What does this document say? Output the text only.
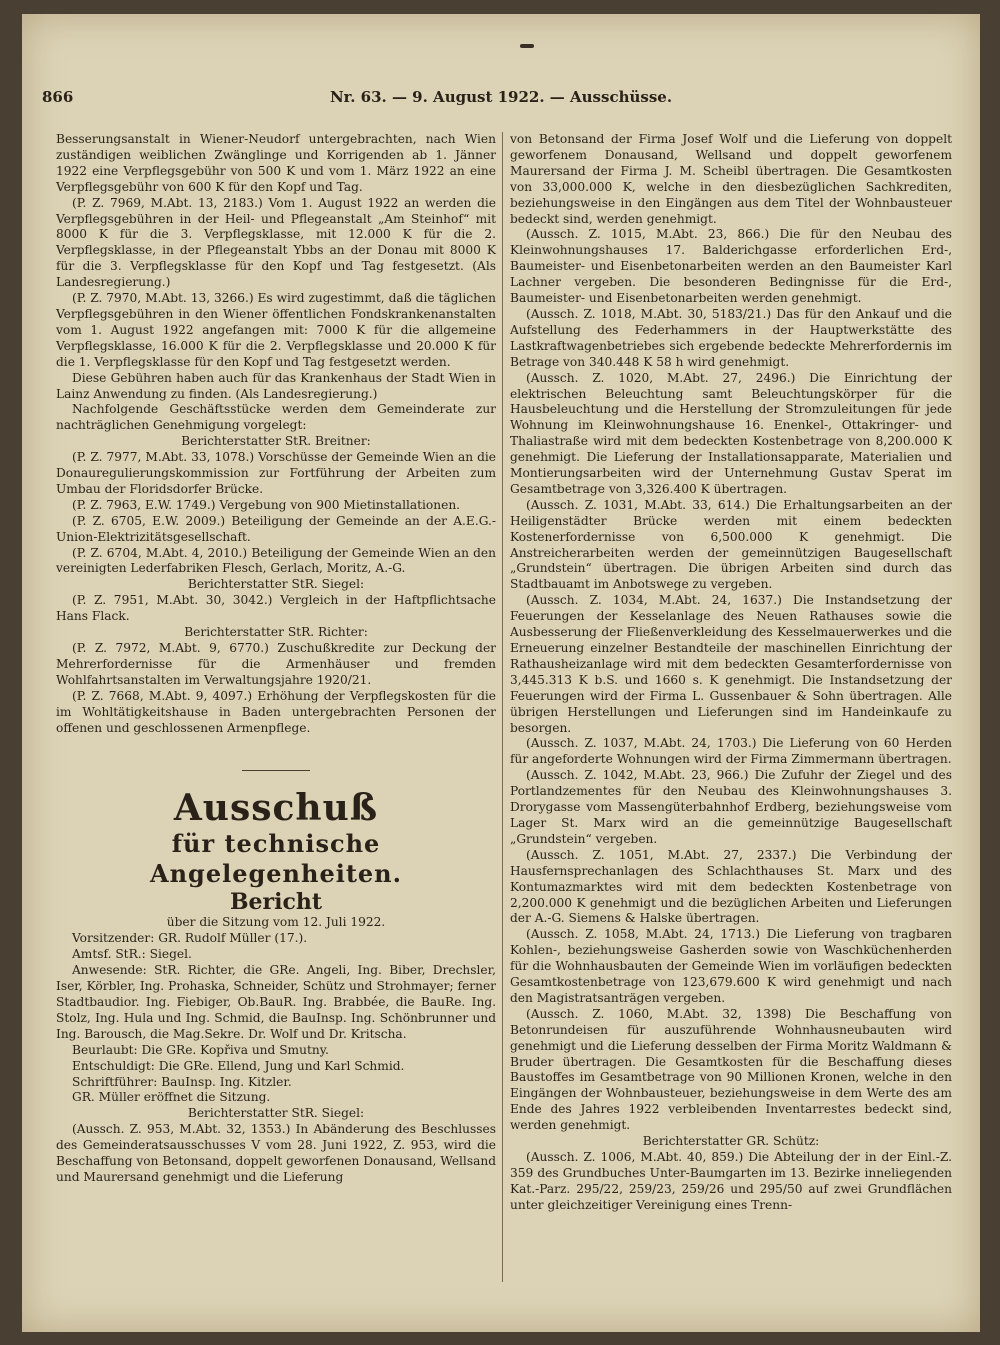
866	Nr. 63. — 9. August 1922. — Ausschüsse.

Besserungsanstalt in Wiener-Neudorf untergebrachten, nach Wien zuständigen weiblichen Zwänglinge und Korrigenden ab 1. Jänner 1922 eine Verpflegsgebühr von 500 K und vom 1. März 1922 an eine Verpflegsgebühr von 600 K für den Kopf und Tag.

(P. Z. 7969, M.Abt. 13, 2183.) Vom 1. August 1922 an werden die Verpflegsgebühren in der Heil- und Pflegeanstalt „Am Steinhof“ mit 8000 K für die 3. Verpflegsklasse, mit 12.000 K für die 2. Verpflegsklasse, in der Pflegeanstalt Ybbs an der Donau mit 8000 K für die 3. Verpflegsklasse für den Kopf und Tag festgesetzt. (Als Landesregierung.)

(P. Z. 7970, M.Abt. 13, 3266.) Es wird zugestimmt, daß die täglichen Verpflegsgebühren in den Wiener öffentlichen Fondskrankenanstalten vom 1. August 1922 angefangen mit: 7000 K für die allgemeine Verpflegsklasse, 16.000 K für die 2. Verpflegsklasse und 20.000 K für die 1. Verpflegsklasse für den Kopf und Tag festgesetzt werden.

Diese Gebühren haben auch für das Krankenhaus der Stadt Wien in Lainz Anwendung zu finden. (Als Landesregierung.)

Nachfolgende Geschäftsstücke werden dem Gemeinderate zur nachträglichen Genehmigung vorgelegt:

Berichterstatter StR. Breitner:

(P. Z. 7977, M.Abt. 33, 1078.) Vorschüsse der Gemeinde Wien an die Donauregulierungskommission zur Fortführung der Arbeiten zum Umbau der Floridsdorfer Brücke.

(P. Z. 7963, E.W. 1749.) Vergebung von 900 Mietinstallationen.

(P. Z. 6705, E.W. 2009.) Beteiligung der Gemeinde an der A.E.G.-Union-Elektrizitätsgesellschaft.

(P. Z. 6704, M.Abt. 4, 2010.) Beteiligung der Gemeinde Wien an den vereinigten Lederfabriken Flesch, Gerlach, Moritz, A.-G.

Berichterstatter StR. Siegel:

(P. Z. 7951, M.Abt. 30, 3042.) Vergleich in der Haftpflichtsache Hans Flack.

Berichterstatter StR. Richter:

(P. Z. 7972, M.Abt. 9, 6770.) Zuschußkredite zur Deckung der Mehrerfordernisse für die Armenhäuser und fremden Wohlfahrtsanstalten im Verwaltungsjahre 1920/21.

(P. Z. 7668, M.Abt. 9, 4097.) Erhöhung der Verpflegskosten für die im Wohltätigkeitshause in Baden untergebrachten Personen der offenen und geschlossenen Armenpflege.

Ausschuß
für technische Angelegenheiten.
Bericht

über die Sitzung vom 12. Juli 1922.

Vorsitzender: GR. Rudolf Müller (17.).

Amtsf. StR.: Siegel.

Anwesende: StR. Richter, die GRe. Angeli, Ing. Biber, Drechsler, Iser, Körbler, Ing. Prohaska, Schneider, Schütz und Strohmayer; ferner Stadtbaudior. Ing. Fiebiger, Ob.BauR. Ing. Brabbée, die BauRe. Ing. Stolz, Ing. Hula und Ing. Schmid, die BauInsp. Ing. Schönbrunner und Ing. Barousch, die Mag.Sekre. Dr. Wolf und Dr. Kritscha.

Beurlaubt: Die GRe. Kopřiva und Smutny.

Entschuldigt: Die GRe. Ellend, Jung und Karl Schmid.

Schriftführer: BauInsp. Ing. Kitzler.

GR. Müller eröffnet die Sitzung.

Berichterstatter StR. Siegel:

(Aussch. Z. 953, M.Abt. 32, 1353.) In Abänderung des Beschlusses des Gemeinderatsausschusses V vom 28. Juni 1922, Z. 953, wird die Beschaffung von Betonsand, doppelt geworfenen Donausand, Wellsand und Maurersand genehmigt und die Lieferung

von Betonsand der Firma Josef Wolf und die Lieferung von doppelt geworfenem Donausand, Wellsand und doppelt geworfenem Maurersand der Firma J. M. Scheibl übertragen. Die Gesamtkosten von 33,000.000 K, welche in den diesbezüglichen Sachkrediten, beziehungsweise in den Eingängen aus dem Titel der Wohnbausteuer bedeckt sind, werden genehmigt.

(Aussch. Z. 1015, M.Abt. 23, 866.) Die für den Neubau des Kleinwohnungshauses 17. Balderichgasse erforderlichen Erd-, Baumeister- und Eisenbetonarbeiten werden an den Baumeister Karl Lachner vergeben. Die besonderen Bedingnisse für die Erd-, Baumeister- und Eisenbetonarbeiten werden genehmigt.

(Aussch. Z. 1018, M.Abt. 30, 5183/21.) Das für den Ankauf und die Aufstellung des Federhammers in der Hauptwerkstätte des Lastkraftwagenbetriebes sich ergebende bedeckte Mehrerfordernis im Betrage von 340.448 K 58 h wird genehmigt.

(Aussch. Z. 1020, M.Abt. 27, 2496.) Die Einrichtung der elektrischen Beleuchtung samt Beleuchtungskörper für die Hausbeleuchtung und die Herstellung der Stromzuleitungen für jede Wohnung im Kleinwohnungshause 16. Enenkel-, Ottakringer- und Thaliastraße wird mit dem bedeckten Kostenbetrage von 8,200.000 K genehmigt. Die Lieferung der Installationsapparate, Materialien und Montierungsarbeiten wird der Unternehmung Gustav Sperat im Gesamtbetrage von 3,326.400 K übertragen.

(Aussch. Z. 1031, M.Abt. 33, 614.) Die Erhaltungsarbeiten an der Heiligenstädter Brücke werden mit einem bedeckten Kostenerfordernisse von 6,500.000 K genehmigt. Die Anstreicherarbeiten werden der gemeinnützigen Baugesellschaft „Grundstein“ übertragen. Die übrigen Arbeiten sind durch das Stadtbauamt im Anbotswege zu vergeben.

(Aussch. Z. 1034, M.Abt. 24, 1637.) Die Instandsetzung der Feuerungen der Kesselanlage des Neuen Rathauses sowie die Ausbesserung der Fließenverkleidung des Kesselmauerwerkes und die Erneuerung einzelner Bestandteile der maschinellen Einrichtung der Rathausheizanlage wird mit dem bedeckten Gesamterfordernisse von 3,445.313 K b.S. und 1660 s. K genehmigt. Die Instandsetzung der Feuerungen wird der Firma L. Gussenbauer & Sohn übertragen. Alle übrigen Herstellungen und Lieferungen sind im Handeinkaufe zu besorgen.

(Aussch. Z. 1037, M.Abt. 24, 1703.) Die Lieferung von 60 Herden für angeforderte Wohnungen wird der Firma Zimmermann übertragen.

(Aussch. Z. 1042, M.Abt. 23, 966.) Die Zufuhr der Ziegel und des Portlandzementes für den Neubau des Kleinwohnungshauses 3. Drorygasse vom Massengüterbahnhof Erdberg, beziehungsweise vom Lager St. Marx wird an die gemeinnützige Baugesellschaft „Grundstein“ vergeben.

(Aussch. Z. 1051, M.Abt. 27, 2337.) Die Verbindung der Hausfernsprechanlagen des Schlachthauses St. Marx und des Kontumazmarktes wird mit dem bedeckten Kostenbetrage von 2,200.000 K genehmigt und die bezüglichen Arbeiten und Lieferungen der A.-G. Siemens & Halske übertragen.

(Aussch. Z. 1058, M.Abt. 24, 1713.) Die Lieferung von tragbaren Kohlen-, beziehungsweise Gasherden sowie von Waschküchenherden für die Wohnhausbauten der Gemeinde Wien im vorläufigen bedeckten Gesamtkostenbetrage von 123,679.600 K wird genehmigt und nach den Magistratsanträgen vergeben.

(Aussch. Z. 1060, M.Abt. 32, 1398) Die Beschaffung von Betonrundeisen für auszuführende Wohnhausneubauten wird genehmigt und die Lieferung desselben der Firma Moritz Waldmann & Bruder übertragen. Die Gesamtkosten für die Beschaffung dieses Baustoffes im Gesamtbetrage von 90 Millionen Kronen, welche in den Eingängen der Wohnbausteuer, beziehungsweise in dem Werte des am Ende des Jahres 1922 verbleibenden Inventarrestes bedeckt sind, werden genehmigt.

Berichterstatter GR. Schütz:

(Aussch. Z. 1006, M.Abt. 40, 859.) Die Abteilung der in der Einl.-Z. 359 des Grundbuches Unter-Baumgarten im 13. Bezirke inneliegenden Kat.-Parz. 295/22, 259/23, 259/26 und 295/50 auf zwei Grundflächen unter gleichzeitiger Vereinigung eines Trenn-
